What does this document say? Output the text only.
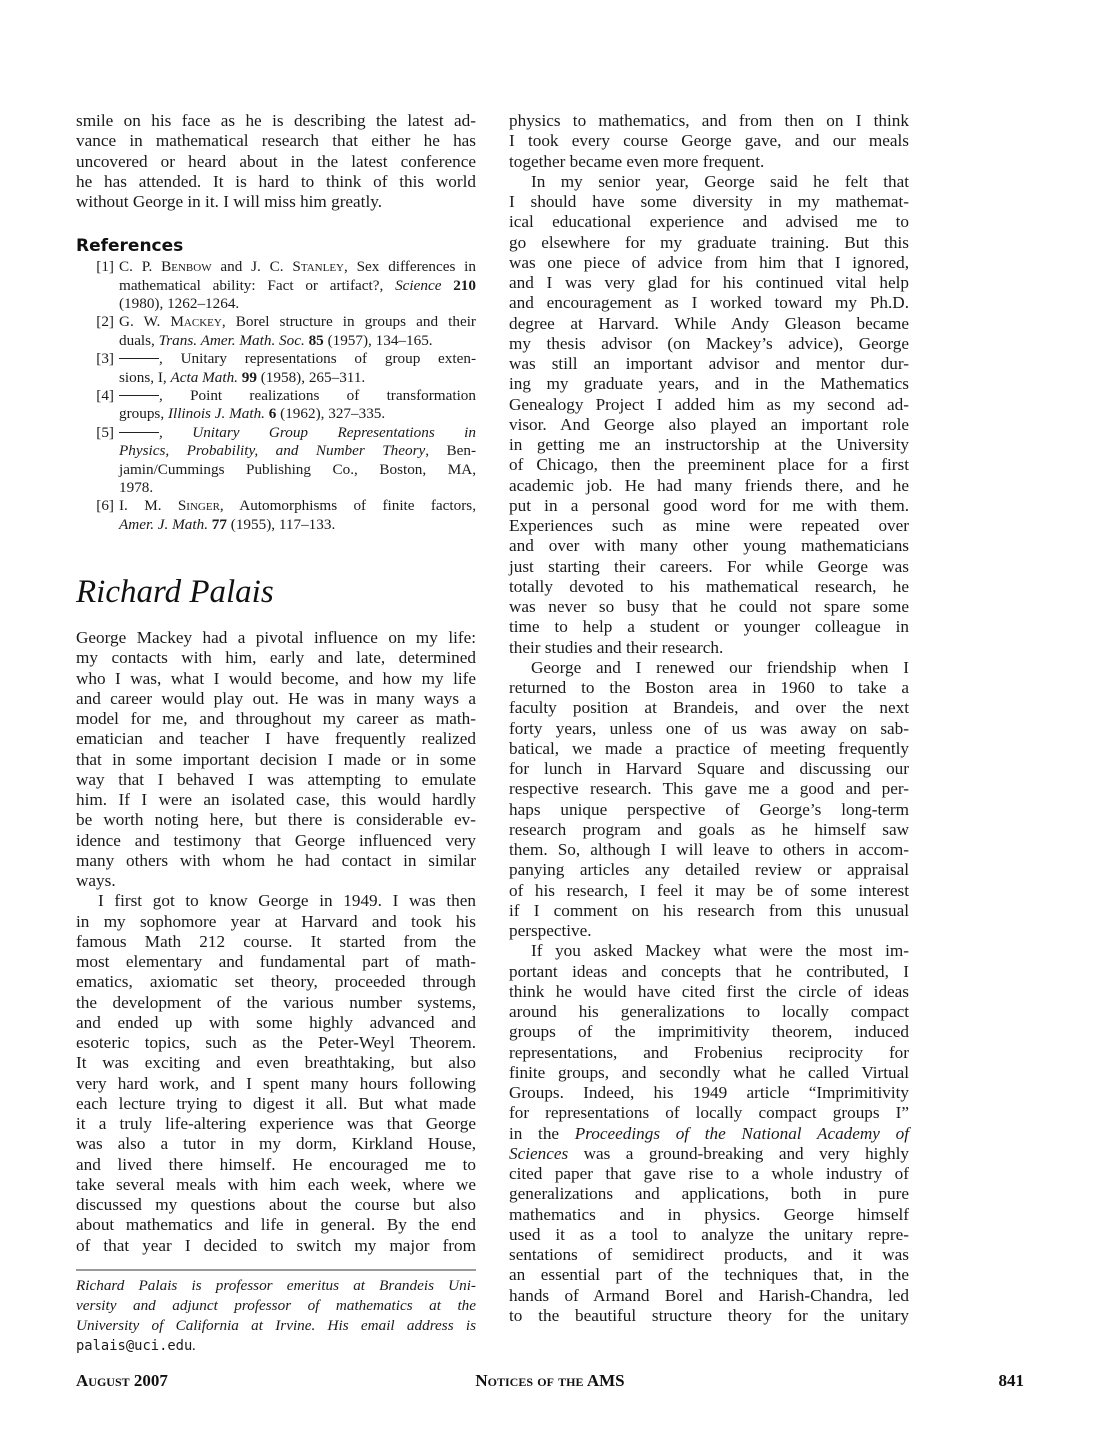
smile on his face as he is describing the latest ad-
vance in mathematical research that either he has
uncovered or heard about in the latest conference
he has attended. It is hard to think of this world
without George in it. I will miss him greatly.
References
[1] C. P. Benbow and J. C. Stanley, Sex differences in
mathematical ability: Fact or artifact?, Science 210
(1980), 1262–1264.
[2] G. W. Mackey, Borel structure in groups and their
duals, Trans. Amer. Math. Soc. 85 (1957), 134–165.
[3]	, Unitary representations of group exten-
sions, I, Acta Math. 99 (1958), 265–311.
[4]	, Point realizations of transformation
groups, Illinois J. Math. 6 (1962), 327–335.
[5]	, Unitary Group Representations in
Physics, Probability, and Number Theory, Ben-
jamin/Cummings Publishing Co., Boston, MA,
1978.
[6] I. M. Singer, Automorphisms of finite factors,
Amer. J. Math. 77 (1955), 117–133.
Richard Palais
George Mackey had a pivotal influence on my life:
my contacts with him, early and late, determined
who I was, what I would become, and how my life
and career would play out. He was in many ways a
model for me, and throughout my career as math-
ematician and teacher I have frequently realized
that in some important decision I made or in some
way that I behaved I was attempting to emulate
him. If I were an isolated case, this would hardly
be worth noting here, but there is considerable ev-
idence and testimony that George influenced very
many others with whom he had contact in similar
ways.
I first got to know George in 1949. I was then
in my sophomore year at Harvard and took his
famous Math 212 course. It started from the
most elementary and fundamental part of math-
ematics, axiomatic set theory, proceeded through
the development of the various number systems,
and ended up with some highly advanced and
esoteric topics, such as the Peter-Weyl Theorem.
It was exciting and even breathtaking, but also
very hard work, and I spent many hours following
each lecture trying to digest it all. But what made
it a truly life-altering experience was that George
was also a tutor in my dorm, Kirkland House,
and lived there himself. He encouraged me to
take several meals with him each week, where we
discussed my questions about the course but also
about mathematics and life in general. By the end
of that year I decided to switch my major from
Richard Palais is professor emeritus at Brandeis Uni-
versity and adjunct professor of mathematics at the
University of California at Irvine. His email address is
palais@uci.edu.
physics to mathematics, and from then on I think
I took every course George gave, and our meals
together became even more frequent.
In my senior year, George said he felt that
I should have some diversity in my mathemat-
ical educational experience and advised me to
go elsewhere for my graduate training. But this
was one piece of advice from him that I ignored,
and I was very glad for his continued vital help
and encouragement as I worked toward my Ph.D.
degree at Harvard. While Andy Gleason became
my thesis advisor (on Mackey’s advice), George
was still an important advisor and mentor dur-
ing my graduate years, and in the Mathematics
Genealogy Project I added him as my second ad-
visor. And George also played an important role
in getting me an instructorship at the University
of Chicago, then the preeminent place for a first
academic job. He had many friends there, and he
put in a personal good word for me with them.
Experiences such as mine were repeated over
and over with many other young mathematicians
just starting their careers. For while George was
totally devoted to his mathematical research, he
was never so busy that he could not spare some
time to help a student or younger colleague in
their studies and their research.
George and I renewed our friendship when I
returned to the Boston area in 1960 to take a
faculty position at Brandeis, and over the next
forty years, unless one of us was away on sab-
batical, we made a practice of meeting frequently
for lunch in Harvard Square and discussing our
respective research. This gave me a good and per-
haps unique perspective of George’s long-term
research program and goals as he himself saw
them. So, although I will leave to others in accom-
panying articles any detailed review or appraisal
of his research, I feel it may be of some interest
if I comment on his research from this unusual
perspective.
If you asked Mackey what were the most im-
portant ideas and concepts that he contributed, I
think he would have cited first the circle of ideas
around his generalizations to locally compact
groups of the imprimitivity theorem, induced
representations, and Frobenius reciprocity for
finite groups, and secondly what he called Virtual
Groups. Indeed, his 1949 article “Imprimitivity
for representations of locally compact groups I”
in the Proceedings of the National Academy of
Sciences was a ground-breaking and very highly
cited paper that gave rise to a whole industry of
generalizations and applications, both in pure
mathematics and in physics. George himself
used it as a tool to analyze the unitary repre-
sentations of semidirect products, and it was
an essential part of the techniques that, in the
hands of Armand Borel and Harish-Chandra, led
to the beautiful structure theory for the unitary
August 2007	Notices of the AMS	841
